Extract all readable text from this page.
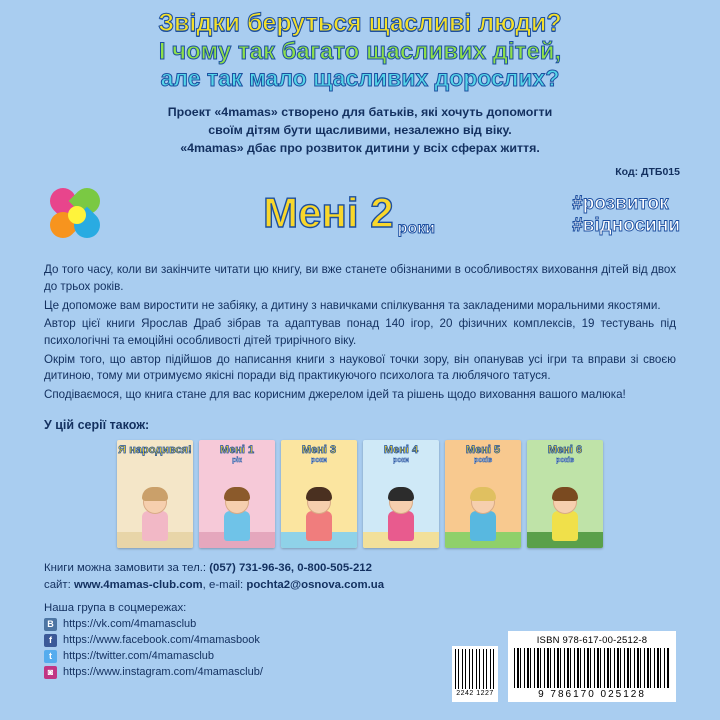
Звідки беруться щасливі люди?
І чому так багато щасливих дітей,
але так мало щасливих дорослих?
Проект «4mamas» створено для батьків, які хочуть допомогти
своїм дітям бути щасливими, незалежно від віку.
«4mamas» дбає про розвиток дитини у всіх сферах життя.
Код: ДТБ015
Мені 2 роки
#розвиток
#відносини

До того часу, коли ви закінчите читати цю книгу, ви вже станете обізнаними в особливостях виховання дітей від двох до трьох років.

Це допоможе вам виростити не забіяку, а дитину з навичками спілкування та закладеними моральними якостями.

Автор цієї книги Ярослав Драб зібрав та адаптував понад 140 ігор, 20 фізичних комплексів, 19 тестувань під психологічні та емоційні особливості дітей трирічного віку.

Окрім того, що автор підійшов до написання книги з наукової точки зору, він опанував усі ігри та вправи зі своєю дитиною, тому ми отримуємо якісні поради від практикуючого психолога та люблячого татуся.

Сподіваємося, що книга стане для вас корисним джерелом ідей та рішень щодо виховання вашого малюка!

У цій серії також:
Я народився!	Мені 1
рік
Мені 3
роки
Мені 4
роки
Мені 5
років
Мені 6
років
Книги можна замовити за тел.: (057) 731-96-36, 0-800-505-212
сайт: www.4mamas-club.com, e-mail: pochta2@osnova.com.ua
Наша група в соцмережах:
B https://vk.com/4mamasclub
f	https://www.facebook.com/4mamasbook
t	https://twitter.com/4mamasclub
◙ https://www.instagram.com/4mamasclub/
2242 1227
ISBN 978-617-00-2512-8
9 786170 025128
